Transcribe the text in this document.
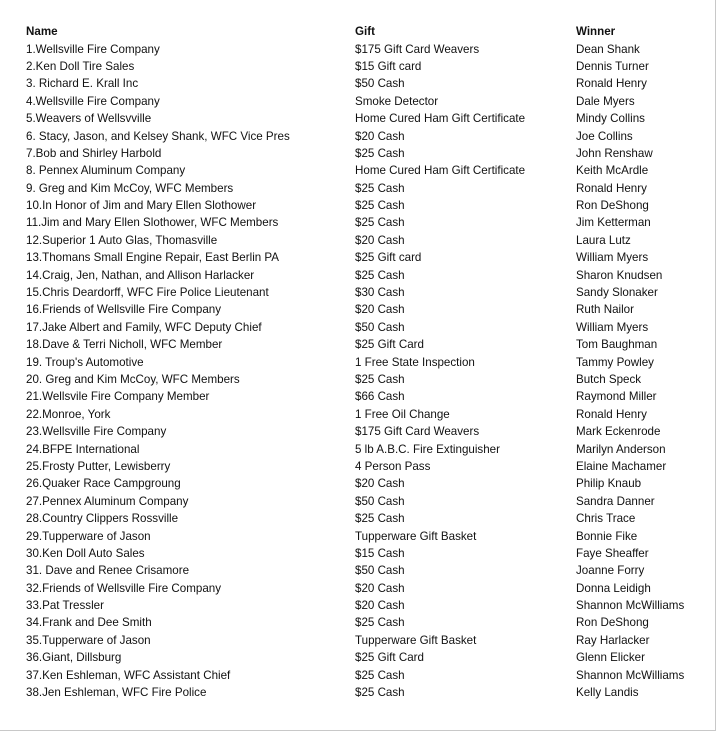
Name	Gift	Winner
1.Wellsville Fire Company	$175 Gift Card Weavers	Dean Shank
2.Ken Doll Tire Sales	$15 Gift card	Dennis Turner
3. Richard E. Krall Inc	$50 Cash	Ronald Henry
4.Wellsville Fire Company	Smoke Detector	Dale Myers
5.Weavers of Wellsvville	Home Cured Ham Gift Certificate	Mindy Collins
6. Stacy, Jason, and Kelsey Shank, WFC Vice Pres	$20 Cash	Joe Collins
7.Bob and Shirley Harbold	$25 Cash	John Renshaw
8. Pennex Aluminum Company	Home Cured Ham Gift Certificate	Keith McArdle
9. Greg and Kim McCoy, WFC Members	$25 Cash	Ronald Henry
10.In Honor of Jim and Mary Ellen Slothower	$25 Cash	Ron DeShong
11.Jim and Mary Ellen Slothower, WFC Members	$25 Cash	Jim Ketterman
12.Superior 1 Auto Glas, Thomasville	$20 Cash	Laura Lutz
13.Thomans Small Engine Repair, East Berlin PA	$25 Gift card	William Myers
14.Craig, Jen, Nathan, and Allison Harlacker	$25 Cash	Sharon Knudsen
15.Chris Deardorff, WFC Fire Police Lieutenant	$30 Cash	Sandy Slonaker
16.Friends of Wellsville Fire Company	$20 Cash	Ruth Nailor
17.Jake Albert and Family, WFC Deputy Chief	$50 Cash	William Myers
18.Dave & Terri Nicholl, WFC Member	$25 Gift Card	Tom Baughman
19. Troup's Automotive	1 Free State Inspection	Tammy Powley
20. Greg and Kim McCoy, WFC Members	$25 Cash	Butch Speck
21.Wellsvile Fire Company Member	$66 Cash	Raymond Miller
22.Monroe, York	1 Free Oil Change	Ronald Henry
23.Wellsville Fire Company	$175 Gift Card Weavers	Mark Eckenrode
24.BFPE International	5 lb A.B.C. Fire Extinguisher	Marilyn Anderson
25.Frosty Putter, Lewisberry	4 Person Pass	Elaine Machamer
26.Quaker Race Campgroung	$20 Cash	Philip Knaub
27.Pennex Aluminum Company	$50 Cash	Sandra Danner
28.Country Clippers Rossville	$25 Cash	Chris Trace
29.Tupperware of Jason	Tupperware Gift Basket	Bonnie Fike
30.Ken Doll Auto Sales	$15 Cash	Faye Sheaffer
31. Dave and Renee Crisamore	$50 Cash	Joanne Forry
32.Friends of Wellsville Fire Company	$20 Cash	Donna Leidigh
33.Pat Tressler	$20 Cash	Shannon McWilliams
34.Frank and Dee Smith	$25 Cash	Ron DeShong
35.Tupperware of Jason	Tupperware Gift Basket	Ray Harlacker
36.Giant, Dillsburg	$25 Gift Card	Glenn Elicker
37.Ken Eshleman, WFC Assistant Chief	$25 Cash	Shannon McWilliams
38.Jen Eshleman, WFC Fire Police	$25 Cash	Kelly Landis
